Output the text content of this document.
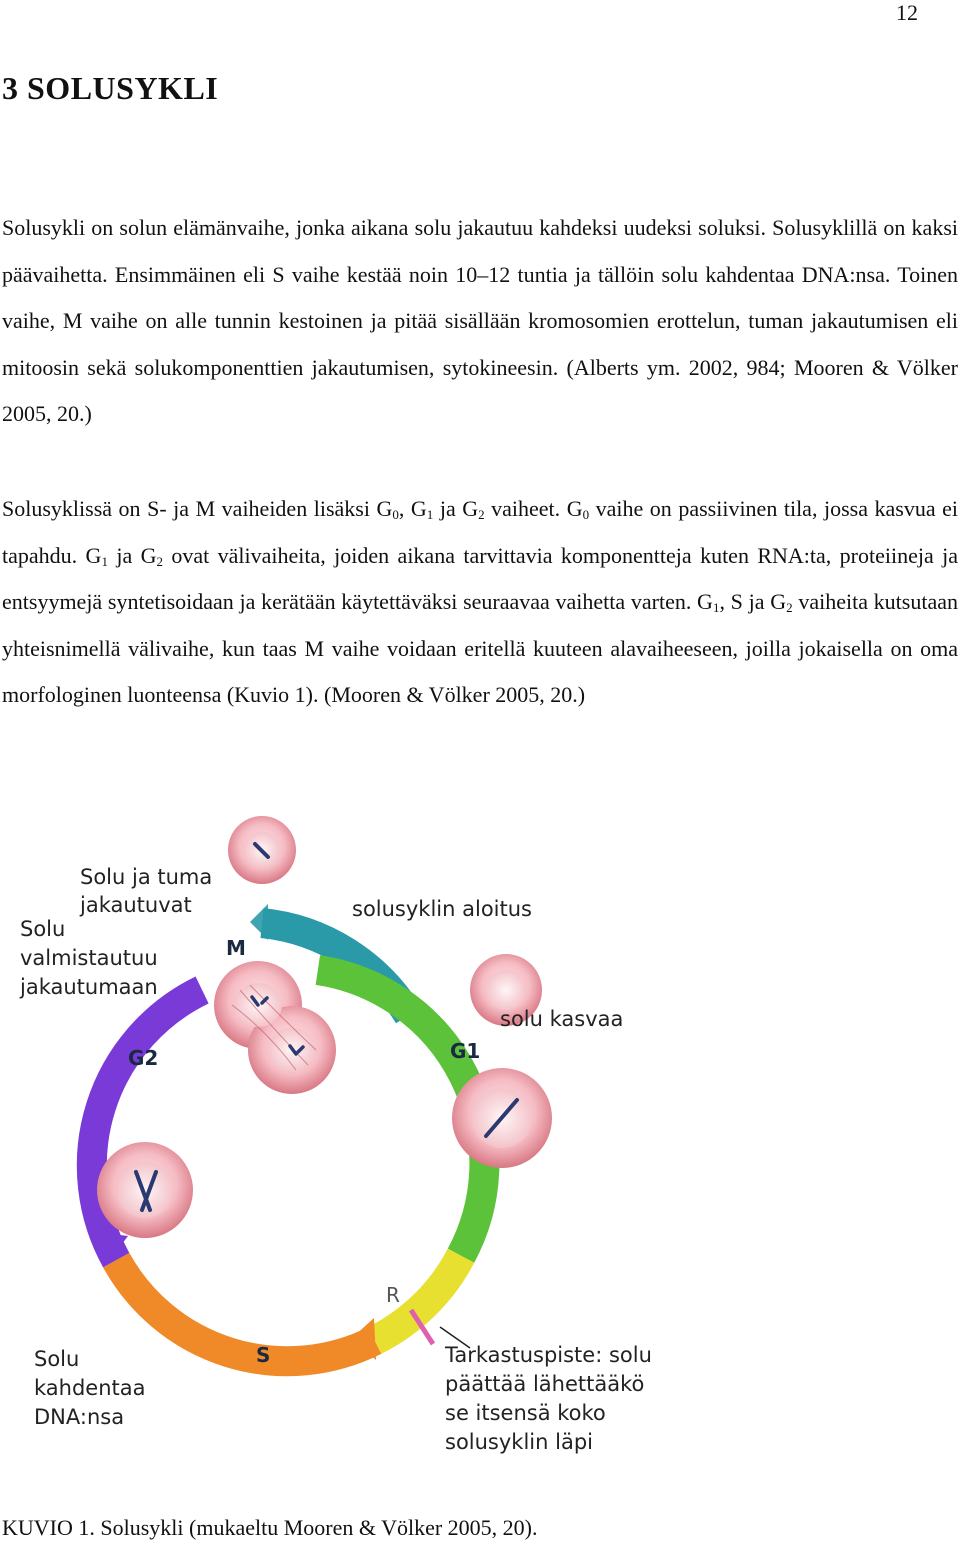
12
3 SOLUSYKLI

Solusykli on solun elämänvaihe, jonka aikana solu jakautuu kahdeksi uudeksi soluksi. Solusyklillä on kaksi päävaihetta. Ensimmäinen eli S vaihe kestää noin 10–12 tuntia ja tällöin solu kahdentaa DNA:nsa. Toinen vaihe, M vaihe on alle tunnin kestoinen ja pitää sisällään kromosomien erottelun, tuman jakautumisen eli mitoosin sekä solukomponenttien jakautumisen, sytokineesin. (Alberts ym. 2002, 984; Mooren & Völker 2005, 20.)

Solusyklissä on S- ja M vaiheiden lisäksi $G_0$, $G_1$ ja $G_2$ vaiheet. $G_0$ vaihe on passiivinen tila, jossa kasvua ei tapahdu. $G_1$ ja $G_2$ ovat välivaiheita, joiden aikana tarvittavia komponentteja kuten RNA:ta, proteiineja ja entsyymejä syntetisoidaan ja kerätään käytettäväksi seuraavaa vaihetta varten. $G_1$, S ja $G_2$ vaiheita kutsutaan yhteisnimellä välivaihe, kun taas M vaihe voidaan eritellä kuuteen alavaiheeseen, joilla jokaisella on oma morfologinen luonteensa (Kuvio 1). (Mooren & Völker 2005, 20.)

M
G1
G2
S
R
Solu ja tuma
jakautuvat
Solu
valmistautuu
jakautumaan
solusyklin aloitus
solu kasvaa
Solu
kahdentaa
DNA:nsa
Tarkastuspiste: solu
päättää lähettääkö
se itsensä koko
solusyklin läpi

KUVIO 1. Solusykli (mukaeltu Mooren & Völker 2005, 20).
